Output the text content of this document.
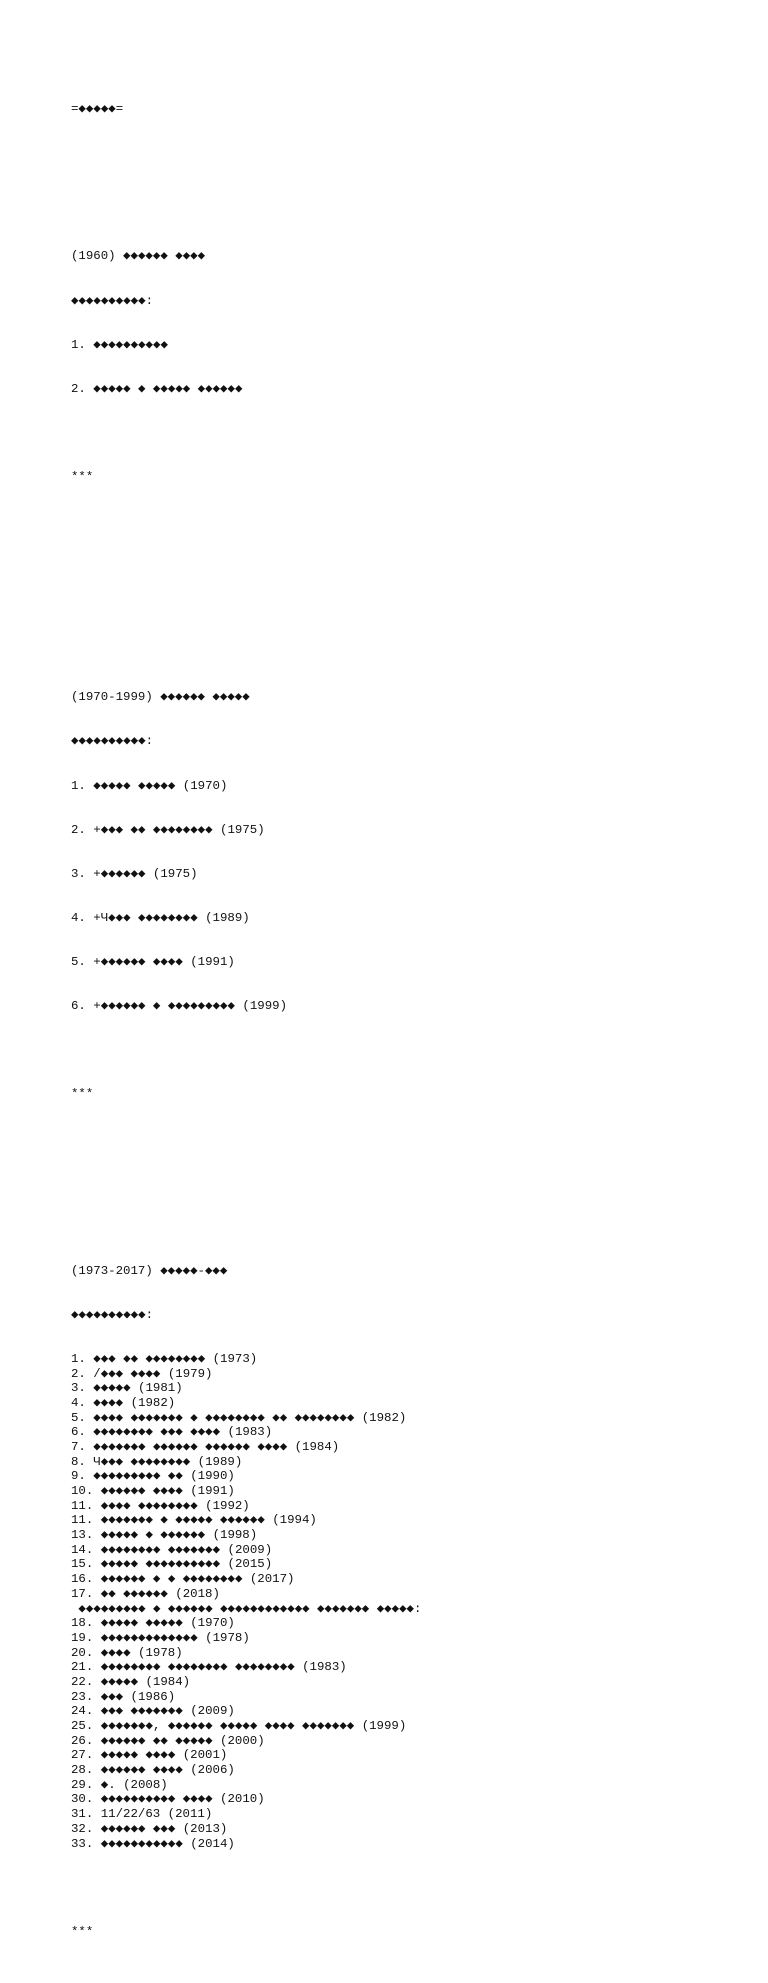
=◆◆◆◆◆=

(1960) ◆◆◆◆◆◆ ◆◆◆◆

◆◆◆◆◆◆◆◆◆◆:

1. ◆◆◆◆◆◆◆◆◆◆

2. ◆◆◆◆◆ ◆ ◆◆◆◆◆ ◆◆◆◆◆◆

***

(1970-1999) ◆◆◆◆◆◆ ◆◆◆◆◆

◆◆◆◆◆◆◆◆◆◆:

1. ◆◆◆◆◆ ◆◆◆◆◆ (1970)

2. +◆◆◆ ◆◆ ◆◆◆◆◆◆◆◆ (1975)

3. +◆◆◆◆◆◆ (1975)

4. +Ч◆◆◆ ◆◆◆◆◆◆◆◆ (1989)

5. +◆◆◆◆◆◆ ◆◆◆◆ (1991)

6. +◆◆◆◆◆◆ ◆ ◆◆◆◆◆◆◆◆◆ (1999)

***

(1973-2017) ◆◆◆◆◆-◆◆◆

◆◆◆◆◆◆◆◆◆◆:

1. ◆◆◆ ◆◆ ◆◆◆◆◆◆◆◆ (1973)
2. /◆◆◆ ◆◆◆◆ (1979)
3. ◆◆◆◆◆ (1981)
4. ◆◆◆◆ (1982)
5. ◆◆◆◆ ◆◆◆◆◆◆◆ ◆ ◆◆◆◆◆◆◆◆ ◆◆ ◆◆◆◆◆◆◆◆ (1982)
6. ◆◆◆◆◆◆◆◆ ◆◆◆ ◆◆◆◆ (1983)
7. ◆◆◆◆◆◆◆ ◆◆◆◆◆◆ ◆◆◆◆◆◆ ◆◆◆◆ (1984)
8. Ч◆◆◆ ◆◆◆◆◆◆◆◆ (1989)
9. ◆◆◆◆◆◆◆◆◆ ◆◆ (1990)
10. ◆◆◆◆◆◆ ◆◆◆◆ (1991)
11. ◆◆◆◆ ◆◆◆◆◆◆◆◆ (1992)
11. ◆◆◆◆◆◆◆ ◆ ◆◆◆◆◆ ◆◆◆◆◆◆ (1994)
13. ◆◆◆◆◆ ◆ ◆◆◆◆◆◆ (1998)
14. ◆◆◆◆◆◆◆◆ ◆◆◆◆◆◆◆ (2009)
15. ◆◆◆◆◆ ◆◆◆◆◆◆◆◆◆◆ (2015)
16. ◆◆◆◆◆◆ ◆ ◆ ◆◆◆◆◆◆◆◆ (2017)
17. ◆◆ ◆◆◆◆◆◆ (2018)
◆◆◆◆◆◆◆◆◆ ◆ ◆◆◆◆◆◆ ◆◆◆◆◆◆◆◆◆◆◆◆ ◆◆◆◆◆◆◆ ◆◆◆◆◆:
18. ◆◆◆◆◆ ◆◆◆◆◆ (1970)
19. ◆◆◆◆◆◆◆◆◆◆◆◆◆ (1978)
20. ◆◆◆◆ (1978)
21. ◆◆◆◆◆◆◆◆ ◆◆◆◆◆◆◆◆ ◆◆◆◆◆◆◆◆ (1983)
22. ◆◆◆◆◆ (1984)
23. ◆◆◆ (1986)
24. ◆◆◆ ◆◆◆◆◆◆◆ (2009)
25. ◆◆◆◆◆◆◆, ◆◆◆◆◆◆ ◆◆◆◆◆ ◆◆◆◆ ◆◆◆◆◆◆◆ (1999)
26. ◆◆◆◆◆◆ ◆◆ ◆◆◆◆◆ (2000)
27. ◆◆◆◆◆ ◆◆◆◆ (2001)
28. ◆◆◆◆◆◆ ◆◆◆◆ (2006)
29. ◆. (2008)
30. ◆◆◆◆◆◆◆◆◆◆ ◆◆◆◆ (2010)
31. 11/22/63 (2011)
32. ◆◆◆◆◆◆ ◆◆◆ (2013)
33. ◆◆◆◆◆◆◆◆◆◆◆ (2014)

***
